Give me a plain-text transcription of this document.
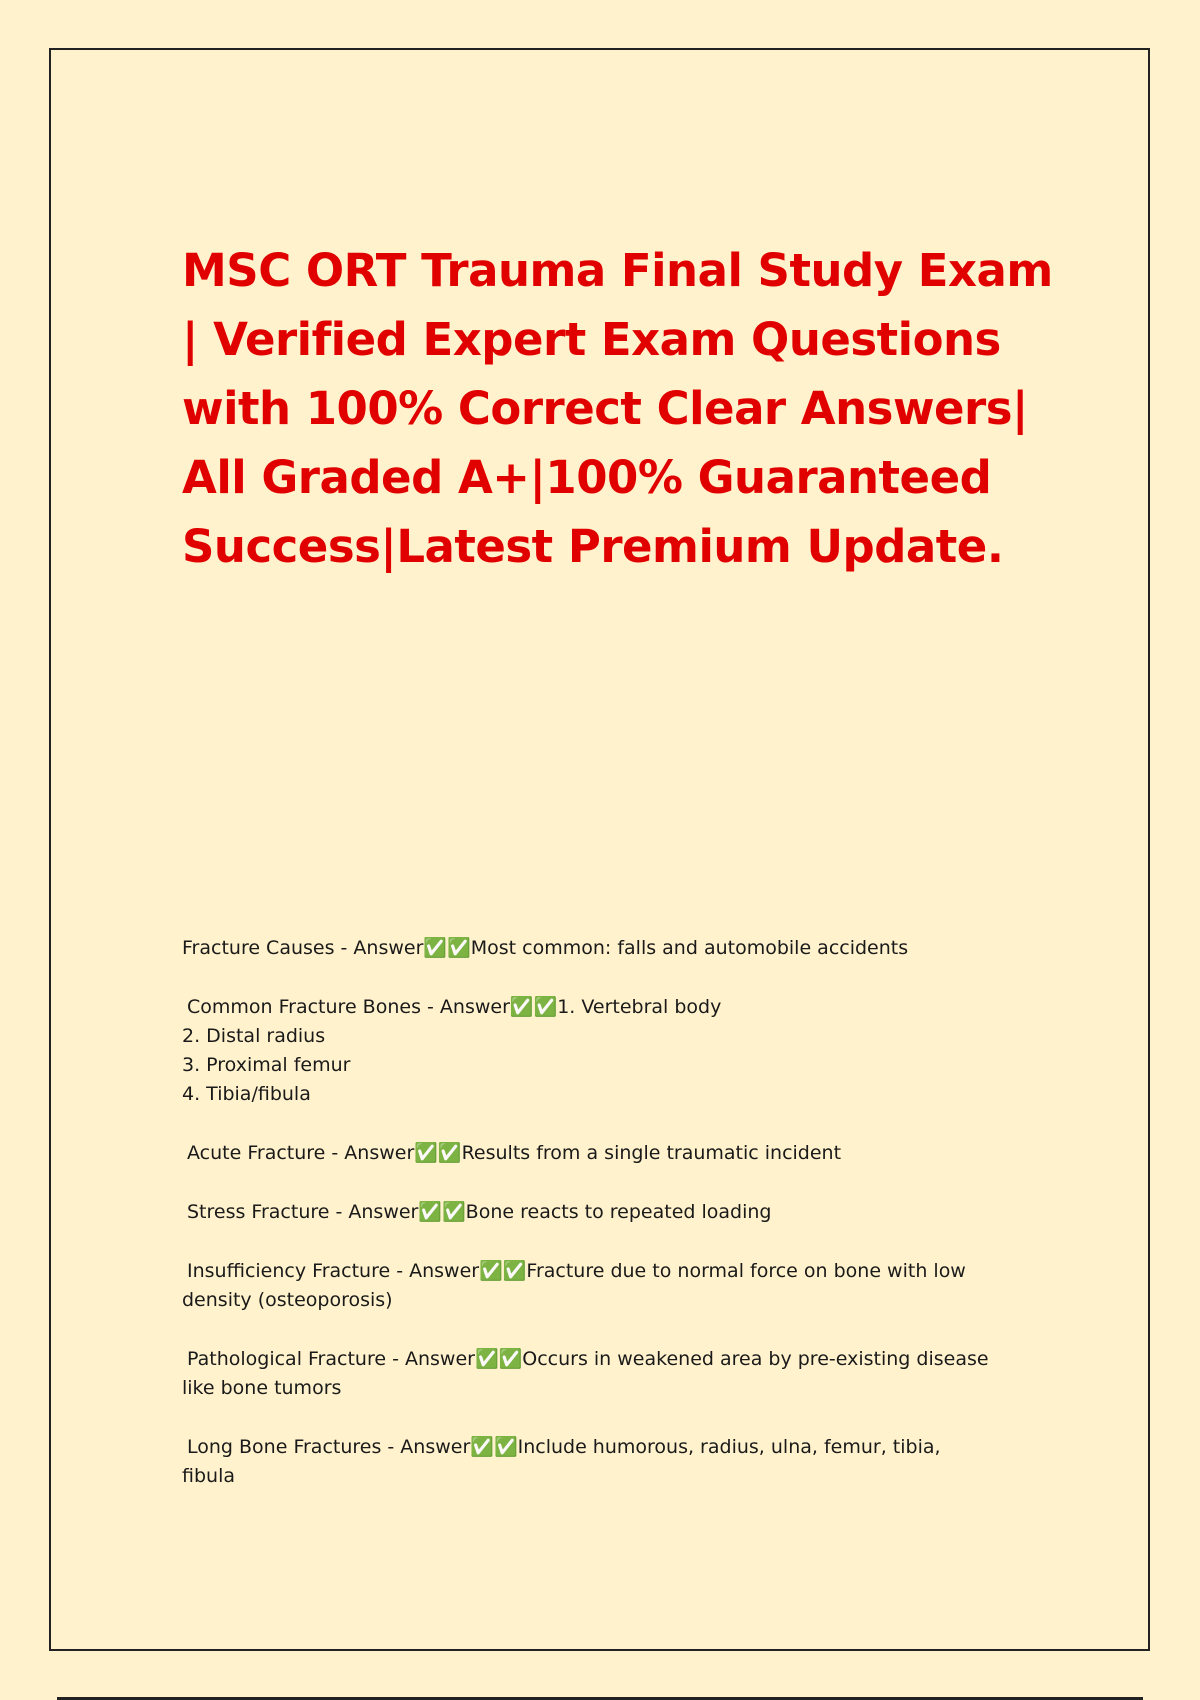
MSC ORT Trauma Final Study Exam
| Verified Expert Exam Questions
with 100% Correct Clear Answers|
All Graded A+|100% Guaranteed
Success|Latest Premium Update.
Fracture Causes - Answer✅✅Most common: falls and automobile accidents
Common Fracture Bones - Answer✅✅1. Vertebral body
2. Distal radius
3. Proximal femur
4. Tibia/fibula
Acute Fracture - Answer✅✅Results from a single traumatic incident
Stress Fracture - Answer✅✅Bone reacts to repeated loading
Insufficiency Fracture - Answer✅✅Fracture due to normal force on bone with low
density (osteoporosis)
Pathological Fracture - Answer✅✅Occurs in weakened area by pre-existing disease
like bone tumors
Long Bone Fractures - Answer✅✅Include humorous, radius, ulna, femur, tibia,
fibula
